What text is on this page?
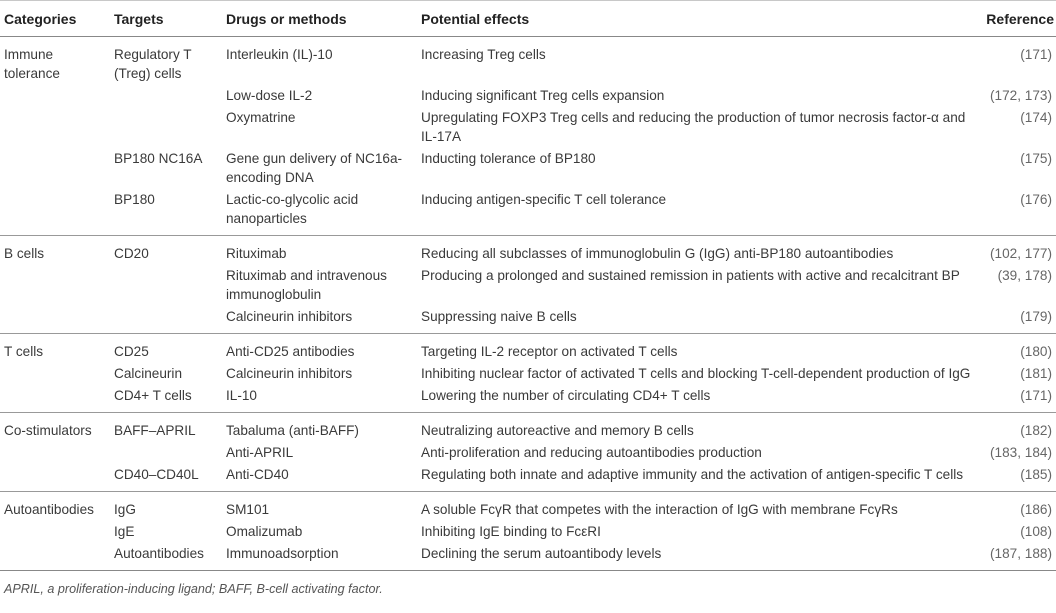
Categories	Targets	Drugs or methods	Potential effects	Reference
Immune tolerance	Regulatory T (Treg) cells	Interleukin (IL)-10	Increasing Treg cells	(171)
		Low-dose IL-2	Inducing significant Treg cells expansion	(172, 173)
		Oxymatrine	Upregulating FOXP3 Treg cells and reducing the production of tumor necrosis factor-α and IL-17A	(174)
	BP180 NC16A	Gene gun delivery of NC16a-encoding DNA	Inducting tolerance of BP180	(175)
	BP180	Lactic-co-glycolic acid nanoparticles	Inducing antigen-specific T cell tolerance	(176)
B cells	CD20	Rituximab	Reducing all subclasses of immunoglobulin G (IgG) anti-BP180 autoantibodies	(102, 177)
		Rituximab and intravenous immunoglobulin	Producing a prolonged and sustained remission in patients with active and recalcitrant BP	(39, 178)
		Calcineurin inhibitors	Suppressing naive B cells	(179)
T cells	CD25	Anti-CD25 antibodies	Targeting IL-2 receptor on activated T cells	(180)
	Calcineurin	Calcineurin inhibitors	Inhibiting nuclear factor of activated T cells and blocking T-cell-dependent production of IgG	(181)
	CD4+ T cells	IL-10	Lowering the number of circulating CD4+ T cells	(171)
Co-stimulators	BAFF–APRIL	Tabaluma (anti-BAFF)	Neutralizing autoreactive and memory B cells	(182)
		Anti-APRIL	Anti-proliferation and reducing autoantibodies production	(183, 184)
	CD40–CD40L	Anti-CD40	Regulating both innate and adaptive immunity and the activation of antigen-specific T cells	(185)
Autoantibodies	IgG	SM101	A soluble FcγR that competes with the interaction of IgG with membrane FcγRs	(186)
	IgE	Omalizumab	Inhibiting IgE binding to FcεRI	(108)
	Autoantibodies	Immunoadsorption	Declining the serum autoantibody levels	(187, 188)
APRIL, a proliferation-inducing ligand; BAFF, B-cell activating factor.
